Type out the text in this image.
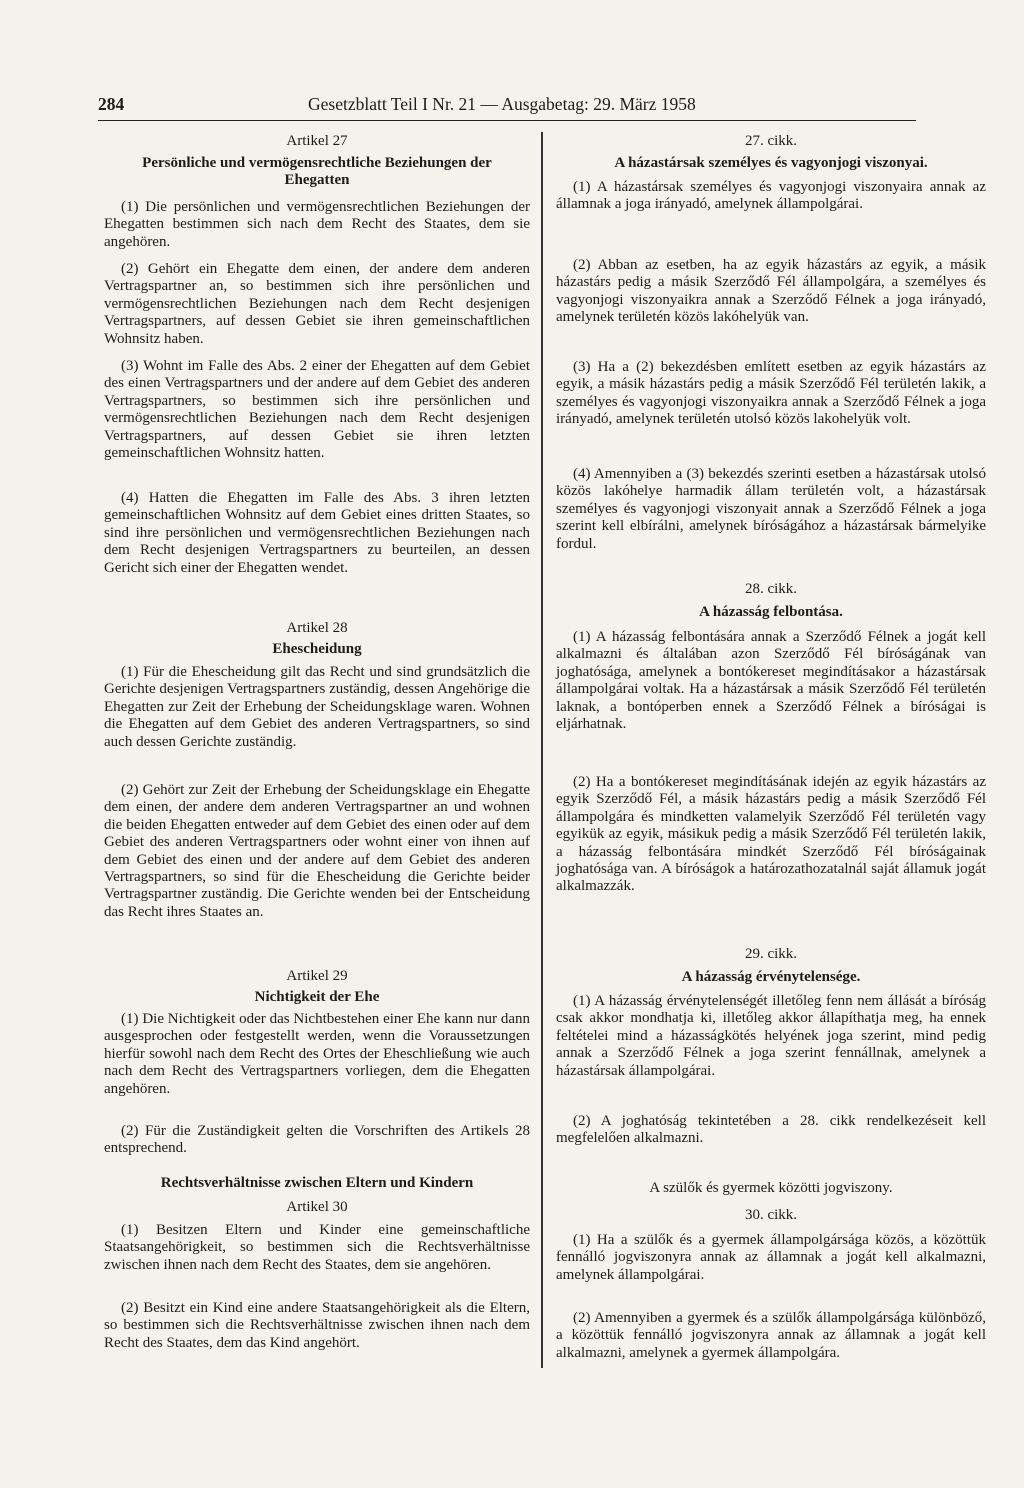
284	Gesetzblatt Teil I Nr. 21 — Ausgabetag: 29. März 1958

Artikel 27

Persönliche und vermögensrechtliche Beziehungen der Ehegatten

(1) Die persönlichen und vermögensrechtlichen Beziehungen der Ehegatten bestimmen sich nach dem Recht des Staates, dem sie angehören.

(2) Gehört ein Ehegatte dem einen, der andere dem anderen Vertragspartner an, so bestimmen sich ihre persönlichen und vermögensrechtlichen Beziehungen nach dem Recht desjenigen Vertragspartners, auf dessen Gebiet sie ihren gemeinschaftlichen Wohnsitz haben.

(3) Wohnt im Falle des Abs. 2 einer der Ehegatten auf dem Gebiet des einen Vertragspartners und der andere auf dem Gebiet des anderen Vertragspartners, so bestimmen sich ihre persönlichen und vermögensrechtlichen Beziehungen nach dem Recht desjenigen Vertragspartners, auf dessen Gebiet sie ihren letzten gemeinschaftlichen Wohnsitz hatten.

(4) Hatten die Ehegatten im Falle des Abs. 3 ihren letzten gemeinschaftlichen Wohnsitz auf dem Gebiet eines dritten Staates, so sind ihre persönlichen und vermögensrechtlichen Beziehungen nach dem Recht desjenigen Vertragspartners zu beurteilen, an dessen Gericht sich einer der Ehegatten wendet.

Artikel 28

Ehescheidung

(1) Für die Ehescheidung gilt das Recht und sind grundsätzlich die Gerichte desjenigen Vertragspartners zuständig, dessen Angehörige die Ehegatten zur Zeit der Erhebung der Scheidungsklage waren. Wohnen die Ehegatten auf dem Gebiet des anderen Vertragspartners, so sind auch dessen Gerichte zuständig.

(2) Gehört zur Zeit der Erhebung der Scheidungsklage ein Ehegatte dem einen, der andere dem anderen Vertragspartner an und wohnen die beiden Ehegatten entweder auf dem Gebiet des einen oder auf dem Gebiet des anderen Vertragspartners oder wohnt einer von ihnen auf dem Gebiet des einen und der andere auf dem Gebiet des anderen Vertragspartners, so sind für die Ehescheidung die Gerichte beider Vertragspartner zuständig. Die Gerichte wenden bei der Entscheidung das Recht ihres Staates an.

Artikel 29

Nichtigkeit der Ehe

(1) Die Nichtigkeit oder das Nichtbestehen einer Ehe kann nur dann ausgesprochen oder festgestellt werden, wenn die Voraussetzungen hierfür sowohl nach dem Recht des Ortes der Eheschließung wie auch nach dem Recht des Vertragspartners vorliegen, dem die Ehegatten angehören.

(2) Für die Zuständigkeit gelten die Vorschriften des Artikels 28 entsprechend.

Rechtsverhältnisse zwischen Eltern und Kindern

Artikel 30

(1) Besitzen Eltern und Kinder eine gemeinschaftliche Staatsangehörigkeit, so bestimmen sich die Rechtsverhältnisse zwischen ihnen nach dem Recht des Staates, dem sie angehören.

(2) Besitzt ein Kind eine andere Staatsangehörigkeit als die Eltern, so bestimmen sich die Rechtsverhältnisse zwischen ihnen nach dem Recht des Staates, dem das Kind angehört.

27. cikk.

A házastársak személyes és vagyonjogi viszonyai.

(1) A házastársak személyes és vagyonjogi viszonyaira annak az államnak a joga irányadó, amelynek állampolgárai.

(2) Abban az esetben, ha az egyik házastárs az egyik, a másik házastárs pedig a másik Szerződő Fél állampolgára, a személyes és vagyonjogi viszonyaikra annak a Szerződő Félnek a joga irányadó, amelynek területén közös lakóhelyük van.

(3) Ha a (2) bekezdésben említett esetben az egyik házastárs az egyik, a másik házastárs pedig a másik Szerződő Fél területén lakik, a személyes és vagyonjogi viszonyaikra annak a Szerződő Félnek a joga irányadó, amelynek területén utolsó közös lakohelyük volt.

(4) Amennyiben a (3) bekezdés szerinti esetben a házastársak utolsó közös lakóhelye harmadik állam területén volt, a házastársak személyes és vagyonjogi viszonyait annak a Szerződő Félnek a joga szerint kell elbírálni, amelynek bíróságához a házastársak bármelyike fordul.

28. cikk.

A házasság felbontása.

(1) A házasság felbontására annak a Szerződő Félnek a jogát kell alkalmazni és általában azon Szerződő Fél bíróságának van joghatósága, amelynek a bontókereset megindításakor a házastársak állampolgárai voltak. Ha a házastársak a másik Szerződő Fél területén laknak, a bontóperben ennek a Szerződő Félnek a bíróságai is eljárhatnak.

(2) Ha a bontókereset megindításának idején az egyik házastárs az egyik Szerződő Fél, a másik házastárs pedig a másik Szerződő Fél állampolgára és mindketten valamelyik Szerződő Fél területén vagy egyikük az egyik, másikuk pedig a másik Szerződő Fél területén lakik, a házasság felbontására mindkét Szerződő Fél bíróságainak joghatósága van. A bíróságok a határozathozatalnál saját államuk jogát alkalmazzák.

29. cikk.

A házasság érvénytelensége.

(1) A házasság érvénytelenségét illetőleg fenn nem állását a bíróság csak akkor mondhatja ki, illetőleg akkor állapíthatja meg, ha ennek feltételei mind a házasságkötés helyének joga szerint, mind pedig annak a Szerződő Félnek a joga szerint fennállnak, amelynek a házastársak állampolgárai.

(2) A joghatóság tekintetében a 28. cikk rendelkezéseit kell megfelelően alkalmazni.

A szülők és gyermek közötti jogviszony.

30. cikk.

(1) Ha a szülők és a gyermek állampolgársága közös, a közöttük fennálló jogviszonyra annak az államnak a jogát kell alkalmazni, amelynek állampolgárai.

(2) Amennyiben a gyermek és a szülők állampolgársága különböző, a közöttük fennálló jogviszonyra annak az államnak a jogát kell alkalmazni, amelynek a gyermek állampolgára.
